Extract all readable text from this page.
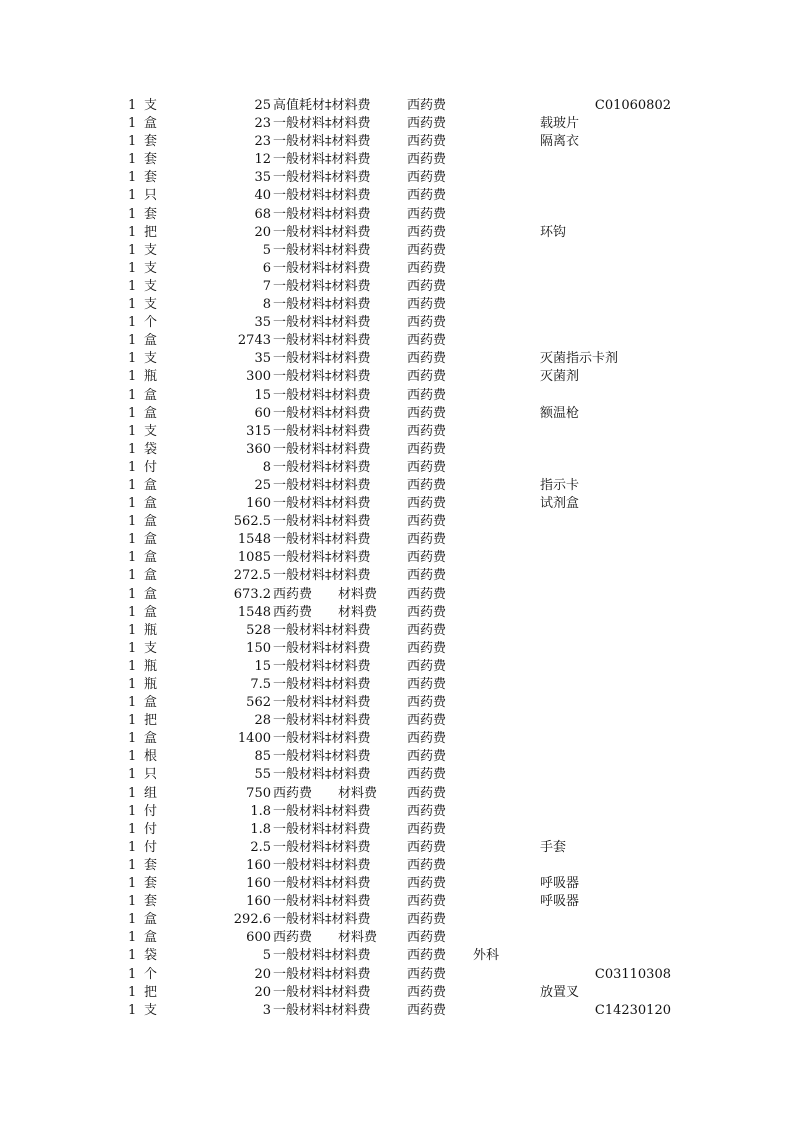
1 支	25 高值耗材‡材料费	西药费	C01060802
1 盒	23 一般材料‡材料费	西药费	载玻片
1 套	23 一般材料‡材料费	西药费	隔离衣
1 套	12 一般材料‡材料费	西药费
1 套	35 一般材料‡材料费	西药费
1 只	40 一般材料‡材料费	西药费
1 套	68 一般材料‡材料费	西药费
1 把	20 一般材料‡材料费	西药费	环钩
1 支	5 一般材料‡材料费	西药费
1 支	6 一般材料‡材料费	西药费
1 支	7 一般材料‡材料费	西药费
1 支	8 一般材料‡材料费	西药费
1 个	35 一般材料‡材料费	西药费
1 盒	2743 一般材料‡材料费	西药费
1 支	35 一般材料‡材料费	西药费	灭菌指示卡剂
1 瓶	300 一般材料‡材料费	西药费	灭菌剂
1 盒	15 一般材料‡材料费	西药费
1 盒	60 一般材料‡材料费	西药费	额温枪
1 支	315 一般材料‡材料费	西药费
1 袋	360 一般材料‡材料费	西药费
1 付	8 一般材料‡材料费	西药费
1 盒	25 一般材料‡材料费	西药费	指示卡
1 盒	160 一般材料‡材料费	西药费	试剂盒
1 盒	562.5 一般材料‡材料费	西药费
1 盒	1548 一般材料‡材料费	西药费
1 盒	1085 一般材料‡材料费	西药费
1 盒	272.5 一般材料‡材料费	西药费
1 盒	673.2 西药费　　材料费	西药费
1 盒	1548 西药费　　材料费	西药费
1 瓶	528 一般材料‡材料费	西药费
1 支	150 一般材料‡材料费	西药费
1 瓶	15 一般材料‡材料费	西药费
1 瓶	7.5 一般材料‡材料费	西药费
1 盒	562 一般材料‡材料费	西药费
1 把	28 一般材料‡材料费	西药费
1 盒	1400 一般材料‡材料费	西药费
1 根	85 一般材料‡材料费	西药费
1 只	55 一般材料‡材料费	西药费
1 组	750 西药费　　材料费	西药费
1 付	1.8 一般材料‡材料费	西药费
1 付	1.8 一般材料‡材料费	西药费
1 付	2.5 一般材料‡材料费	西药费	手套
1 套	160 一般材料‡材料费	西药费
1 套	160 一般材料‡材料费	西药费	呼吸器
1 套	160 一般材料‡材料费	西药费	呼吸器
1 盒	292.6 一般材料‡材料费	西药费
1 盒	600 西药费　　材料费	西药费
1 袋	5 一般材料‡材料费	西药费 外科
1 个	20 一般材料‡材料费	西药费	C03110308
1 把	20 一般材料‡材料费	西药费	放置叉
1 支	3 一般材料‡材料费	西药费	C14230120
